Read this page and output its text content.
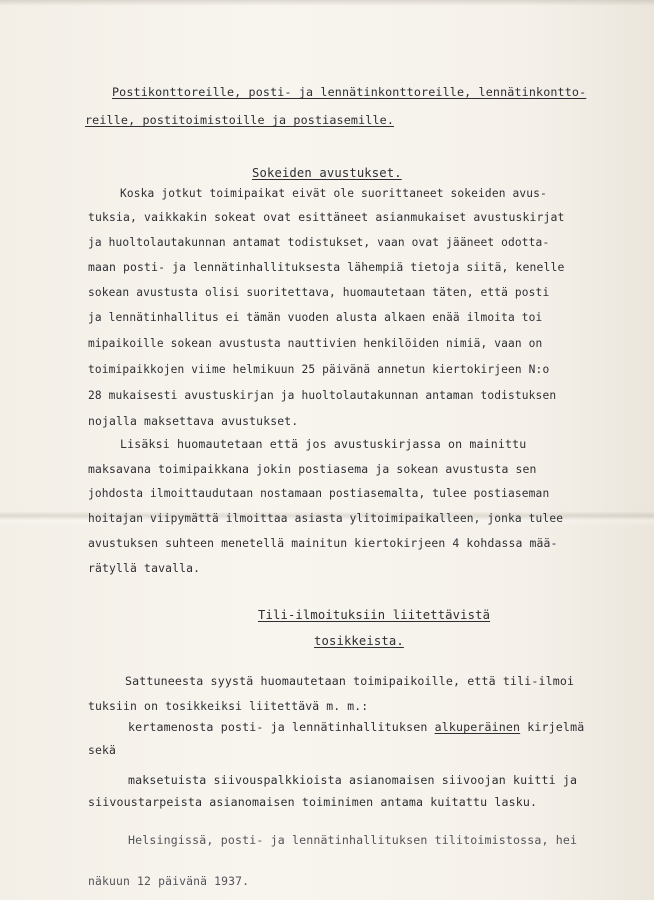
Postikonttoreille, posti- ja lennätinkonttoreille, lennätinkontto-
reille, postitoimistoille ja postiasemille.
Sokeiden avustukset.
Koska jotkut toimipaikat eivät ole suorittaneet sokeiden avus-
tuksia, vaikkakin sokeat ovat esittäneet asianmukaiset avustuskirjat
ja huoltolautakunnan antamat todistukset, vaan ovat jääneet odotta-
maan posti- ja lennätinhallituksesta lähempiä tietoja siitä, kenelle
sokean avustusta olisi suoritettava, huomautetaan täten, että posti
ja lennätinhallitus ei tämän vuoden alusta alkaen enää ilmoita toi
mipaikoille sokean avustusta nauttivien henkilöiden nimiä, vaan on
toimipaikkojen viime helmikuun 25 päivänä annetun kiertokirjeen N:o
28 mukaisesti avustuskirjan ja huoltolautakunnan antaman todistuksen
nojalla maksettava avustukset.
Lisäksi huomautetaan että jos avustuskirjassa on mainittu
maksavana toimipaikkana jokin postiasema ja sokean avustusta sen
johdosta ilmoittaudutaan nostamaan postiasemalta, tulee postiaseman
hoitajan viipymättä ilmoittaa asiasta ylitoimipaikalleen, jonka tulee
avustuksen suhteen menetellä mainitun kiertokirjeen 4 kohdassa mää-
rätyllä tavalla.
Tili-ilmoituksiin liitettävistä
tosikkeista.
Sattuneesta syystä huomautetaan toimipaikoille, että tili-ilmoi
tuksiin on tosikkeiksi liitettävä m. m.:
kertamenosta posti- ja lennätinhallituksen alkuperäinen kirjelmä
sekä
maksetuista siivouspalkkioista asianomaisen siivoojan kuitti ja
siivoustarpeista asianomaisen toiminimen antama kuitattu lasku.
Helsingissä, posti- ja lennätinhallituksen tilitoimistossa, hei
näkuun 12 päivänä 1937.
